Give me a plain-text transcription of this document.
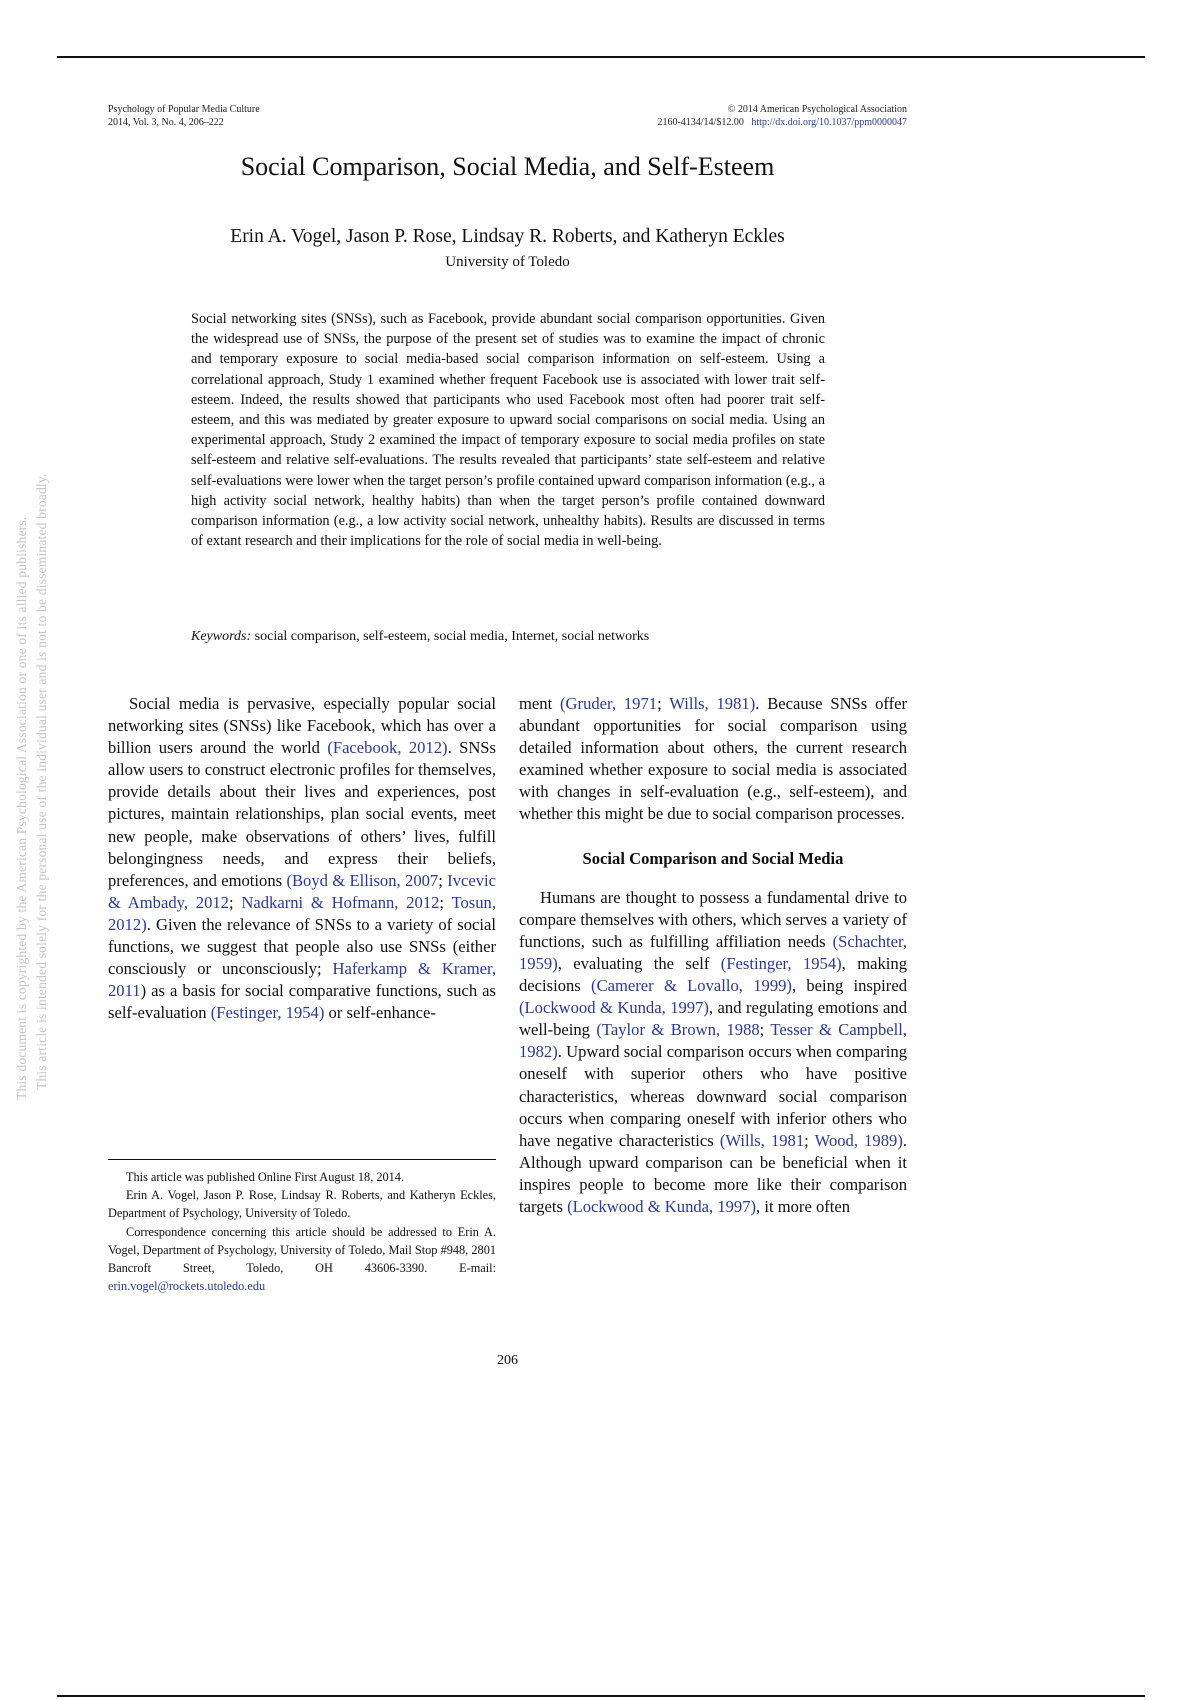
This document is copyrighted by the American Psychological Association or one of its allied publishers. This article is intended solely for the personal use of the individual user and is not to be disseminated broadly.
Psychology of Popular Media Culture
2014, Vol. 3, No. 4, 206–222
© 2014 American Psychological Association
2160-4134/14/$12.00 http://dx.doi.org/10.1037/ppm0000047
Social Comparison, Social Media, and Self-Esteem
Erin A. Vogel, Jason P. Rose, Lindsay R. Roberts, and Katheryn Eckles
University of Toledo

Social networking sites (SNSs), such as Facebook, provide abundant social comparison opportunities. Given the widespread use of SNSs, the purpose of the present set of studies was to examine the impact of chronic and temporary exposure to social media-based social comparison information on self-esteem. Using a correlational approach, Study 1 examined whether frequent Facebook use is associated with lower trait self-esteem. Indeed, the results showed that participants who used Facebook most often had poorer trait self-esteem, and this was mediated by greater exposure to upward social comparisons on social media. Using an experimental approach, Study 2 examined the impact of temporary exposure to social media profiles on state self-esteem and relative self-evaluations. The results revealed that participants’ state self-esteem and relative self-evaluations were lower when the target person’s profile contained upward comparison information (e.g., a high activity social network, healthy habits) than when the target person’s profile contained downward comparison information (e.g., a low activity social network, unhealthy habits). Results are discussed in terms of extant research and their implications for the role of social media in well-being.

Keywords: social comparison, self-esteem, social media, Internet, social networks

Social media is pervasive, especially popular social networking sites (SNSs) like Facebook, which has over a billion users around the world (Facebook, 2012). SNSs allow users to construct electronic profiles for themselves, provide details about their lives and experiences, post pictures, maintain relationships, plan social events, meet new people, make observations of others’ lives, fulfill belongingness needs, and express their beliefs, preferences, and emotions (Boyd & Ellison, 2007; Ivcevic & Ambady, 2012; Nadkarni & Hofmann, 2012; Tosun, 2012). Given the relevance of SNSs to a variety of social functions, we suggest that people also use SNSs (either consciously or unconsciously; Haferkamp & Kramer, 2011) as a basis for social comparative functions, such as self-evaluation (Festinger, 1954) or self-enhance-

ment (Gruder, 1971; Wills, 1981). Because SNSs offer abundant opportunities for social comparison using detailed information about others, the current research examined whether exposure to social media is associated with changes in self-evaluation (e.g., self-esteem), and whether this might be due to social comparison processes.

Social Comparison and Social Media

Humans are thought to possess a fundamental drive to compare themselves with others, which serves a variety of functions, such as fulfilling affiliation needs (Schachter, 1959), evaluating the self (Festinger, 1954), making decisions (Camerer & Lovallo, 1999), being inspired (Lockwood & Kunda, 1997), and regulating emotions and well-being (Taylor & Brown, 1988; Tesser & Campbell, 1982). Upward social comparison occurs when comparing oneself with superior others who have positive characteristics, whereas downward social comparison occurs when comparing oneself with inferior others who have negative characteristics (Wills, 1981; Wood, 1989). Although upward comparison can be beneficial when it inspires people to become more like their comparison targets (Lockwood & Kunda, 1997), it more often

This article was published Online First August 18, 2014.

Erin A. Vogel, Jason P. Rose, Lindsay R. Roberts, and Katheryn Eckles, Department of Psychology, University of Toledo.

Correspondence concerning this article should be addressed to Erin A. Vogel, Department of Psychology, University of Toledo, Mail Stop #948, 2801 Bancroft Street, Toledo, OH 43606-3390. E-mail: erin.vogel@rockets.utoledo.edu

206
